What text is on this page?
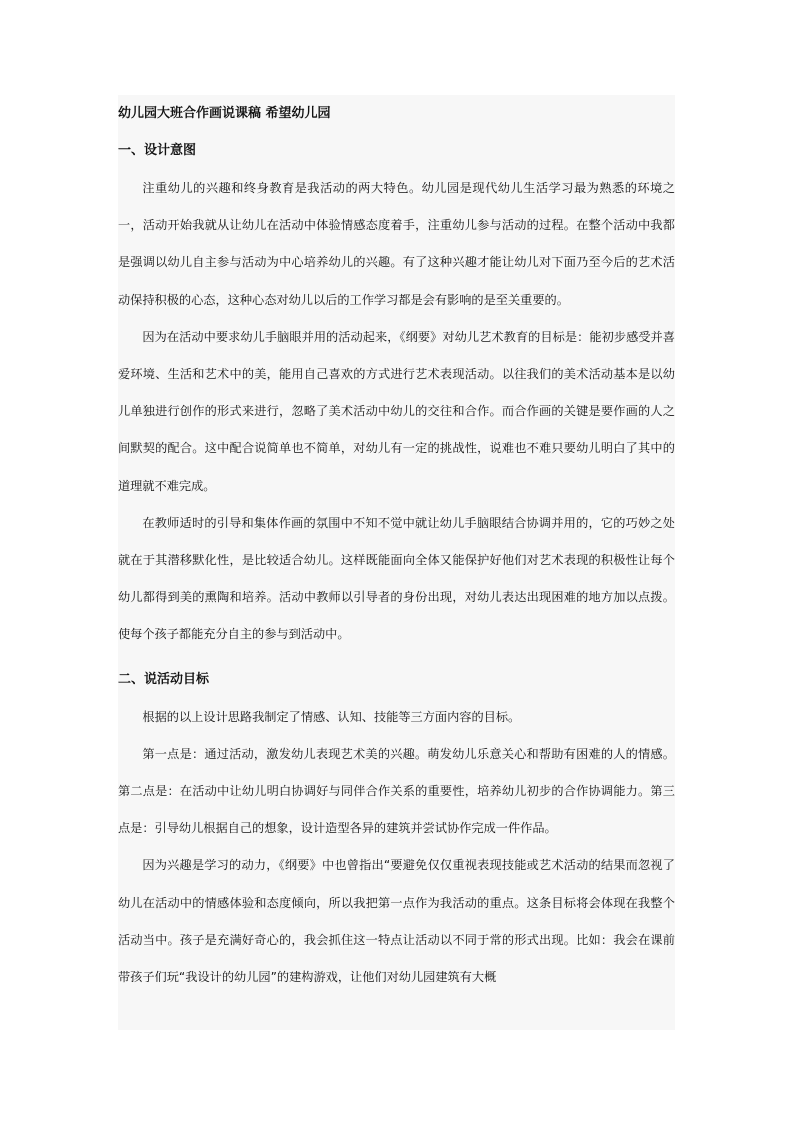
幼儿园大班合作画说课稿 希望幼儿园
一、设计意图

注重幼儿的兴趣和终身教育是我活动的两大特色。幼儿园是现代幼儿生活学习最为熟悉的环境之一，活动开始我就从让幼儿在活动中体验情感态度着手，注重幼儿参与活动的过程。在整个活动中我都是强调以幼儿自主参与活动为中心培养幼儿的兴趣。有了这种兴趣才能让幼儿对下面乃至今后的艺术活动保持积极的心态，这种心态对幼儿以后的工作学习都是会有影响的是至关重要的。

因为在活动中要求幼儿手脑眼并用的活动起来，《纲要》对幼儿艺术教育的目标是：能初步感受并喜爱环境、生活和艺术中的美，能用自己喜欢的方式进行艺术表现活动。以往我们的美术活动基本是以幼儿单独进行创作的形式来进行，忽略了美术活动中幼儿的交往和合作。而合作画的关键是要作画的人之间默契的配合。这中配合说简单也不简单，对幼儿有一定的挑战性，说难也不难只要幼儿明白了其中的道理就不难完成。

在教师适时的引导和集体作画的氛围中不知不觉中就让幼儿手脑眼结合协调并用的，它的巧妙之处就在于其潜移默化性，是比较适合幼儿。这样既能面向全体又能保护好他们对艺术表现的积极性让每个幼儿都得到美的熏陶和培养。活动中教师以引导者的身份出现，对幼儿表达出现困难的地方加以点拨。使每个孩子都能充分自主的参与到活动中。

二、说活动目标

根据的以上设计思路我制定了情感、认知、技能等三方面内容的目标。

第一点是：通过活动，激发幼儿表现艺术美的兴趣。萌发幼儿乐意关心和帮助有困难的人的情感。第二点是：在活动中让幼儿明白协调好与同伴合作关系的重要性，培养幼儿初步的合作协调能力。第三点是：引导幼儿根据自己的想象，设计造型各异的建筑并尝试协作完成一件作品。

因为兴趣是学习的动力，《纲要》中也曾指出“要避免仅仅重视表现技能或艺术活动的结果而忽视了幼儿在活动中的情感体验和态度倾向，所以我把第一点作为我活动的重点。这条目标将会体现在我整个活动当中。孩子是充满好奇心的，我会抓住这一特点让活动以不同于常的形式出现。比如：我会在课前带孩子们玩“我设计的幼儿园”的建构游戏，让他们对幼儿园建筑有大概
